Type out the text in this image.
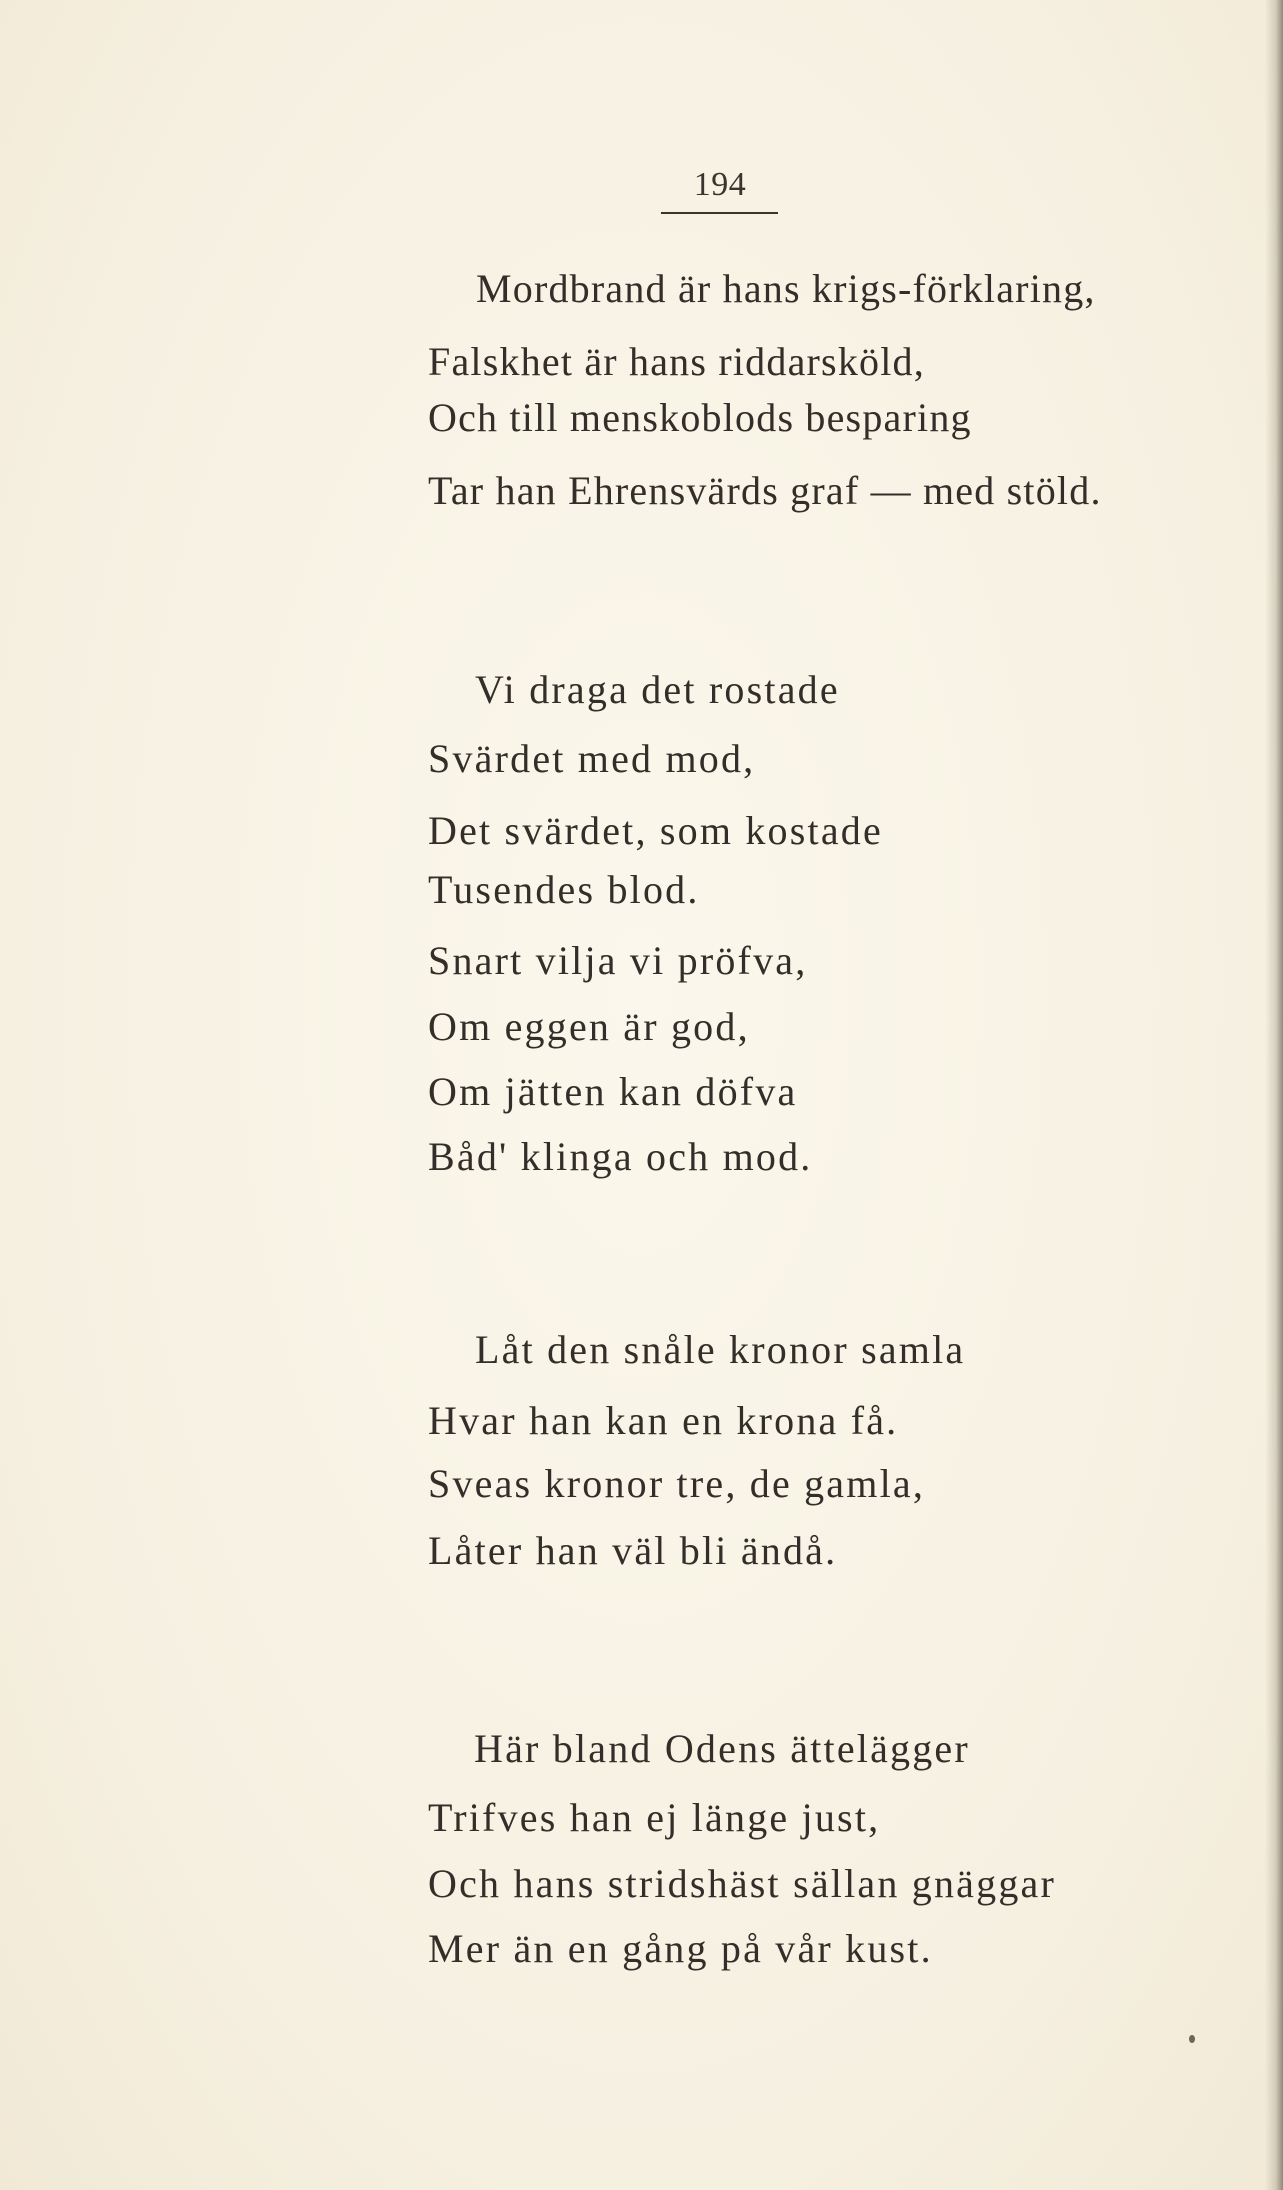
194
Mordbrand är hans krigs-förklaring,
Falskhet är hans riddarsköld,
Och till menskoblods besparing
Tar han Ehrensvärds graf — med stöld.
Vi draga det rostade
Svärdet med mod,
Det svärdet, som kostade
Tusendes blod.
Snart vilja vi pröfva,
Om eggen är god,
Om jätten kan döfva
Båd' klinga och mod.
Låt den snåle kronor samla
Hvar han kan en krona få.
Sveas kronor tre, de gamla,
Låter han väl bli ändå.
Här bland Odens ättelägger
Trifves han ej länge just,
Och hans stridshäst sällan gnäggar
Mer än en gång på vår kust.
